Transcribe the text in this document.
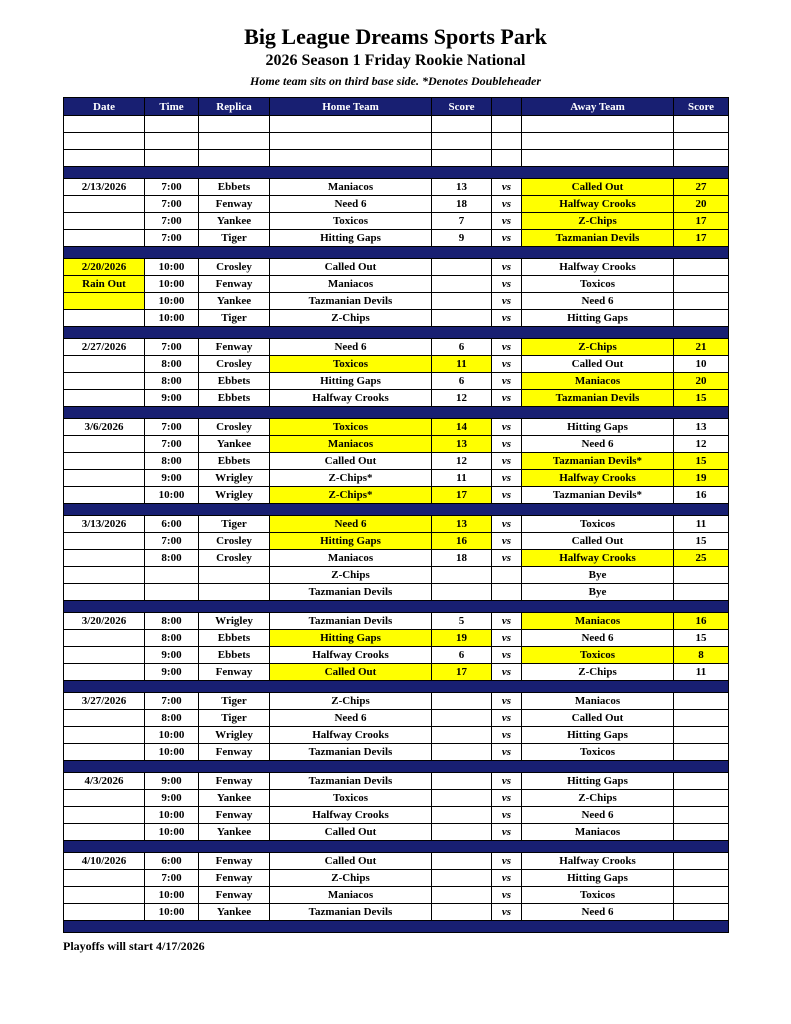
Big League Dreams Sports Park
2026 Season 1 Friday Rookie National

Home team sits on third base side. *Denotes Doubleheader

Date	Time	Replica	Home Team	Score		Away Team	Score

2/13/2026	7:00	Ebbets	Maniacos	13	vs	Called Out	27
	7:00	Fenway	Need 6	18	vs	Halfway Crooks	20
	7:00	Yankee	Toxicos	7	vs	Z-Chips	17
	7:00	Tiger	Hitting Gaps	9	vs	Tazmanian Devils	17

2/20/2026	10:00	Crosley	Called Out		vs	Halfway Crooks	
Rain Out	10:00	Fenway	Maniacos		vs	Toxicos	
	10:00	Yankee	Tazmanian Devils		vs	Need 6	
	10:00	Tiger	Z-Chips		vs	Hitting Gaps	

2/27/2026	7:00	Fenway	Need 6	6	vs	Z-Chips	21
	8:00	Crosley	Toxicos	11	vs	Called Out	10
	8:00	Ebbets	Hitting Gaps	6	vs	Maniacos	20
	9:00	Ebbets	Halfway Crooks	12	vs	Tazmanian Devils	15

3/6/2026	7:00	Crosley	Toxicos	14	vs	Hitting Gaps	13
	7:00	Yankee	Maniacos	13	vs	Need 6	12
	8:00	Ebbets	Called Out	12	vs	Tazmanian Devils*	15
	9:00	Wrigley	Z-Chips*	11	vs	Halfway Crooks	19
	10:00	Wrigley	Z-Chips*	17	vs	Tazmanian Devils*	16

3/13/2026	6:00	Tiger	Need 6	13	vs	Toxicos	11
	7:00	Crosley	Hitting Gaps	16	vs	Called Out	15
	8:00	Crosley	Maniacos	18	vs	Halfway Crooks	25
			Z-Chips			Bye	
			Tazmanian Devils			Bye	

3/20/2026	8:00	Wrigley	Tazmanian Devils	5	vs	Maniacos	16
	8:00	Ebbets	Hitting Gaps	19	vs	Need 6	15
	9:00	Ebbets	Halfway Crooks	6	vs	Toxicos	8
	9:00	Fenway	Called Out	17	vs	Z-Chips	11

3/27/2026	7:00	Tiger	Z-Chips		vs	Maniacos	
	8:00	Tiger	Need 6		vs	Called Out	
	10:00	Wrigley	Halfway Crooks		vs	Hitting Gaps	
	10:00	Fenway	Tazmanian Devils		vs	Toxicos	

4/3/2026	9:00	Fenway	Tazmanian Devils		vs	Hitting Gaps	
	9:00	Yankee	Toxicos		vs	Z-Chips	
	10:00	Fenway	Halfway Crooks		vs	Need 6	
	10:00	Yankee	Called Out		vs	Maniacos	

4/10/2026	6:00	Fenway	Called Out		vs	Halfway Crooks	
	7:00	Fenway	Z-Chips		vs	Hitting Gaps	
	10:00	Fenway	Maniacos		vs	Toxicos	
	10:00	Yankee	Tazmanian Devils		vs	Need 6	

Playoffs will start 4/17/2026
